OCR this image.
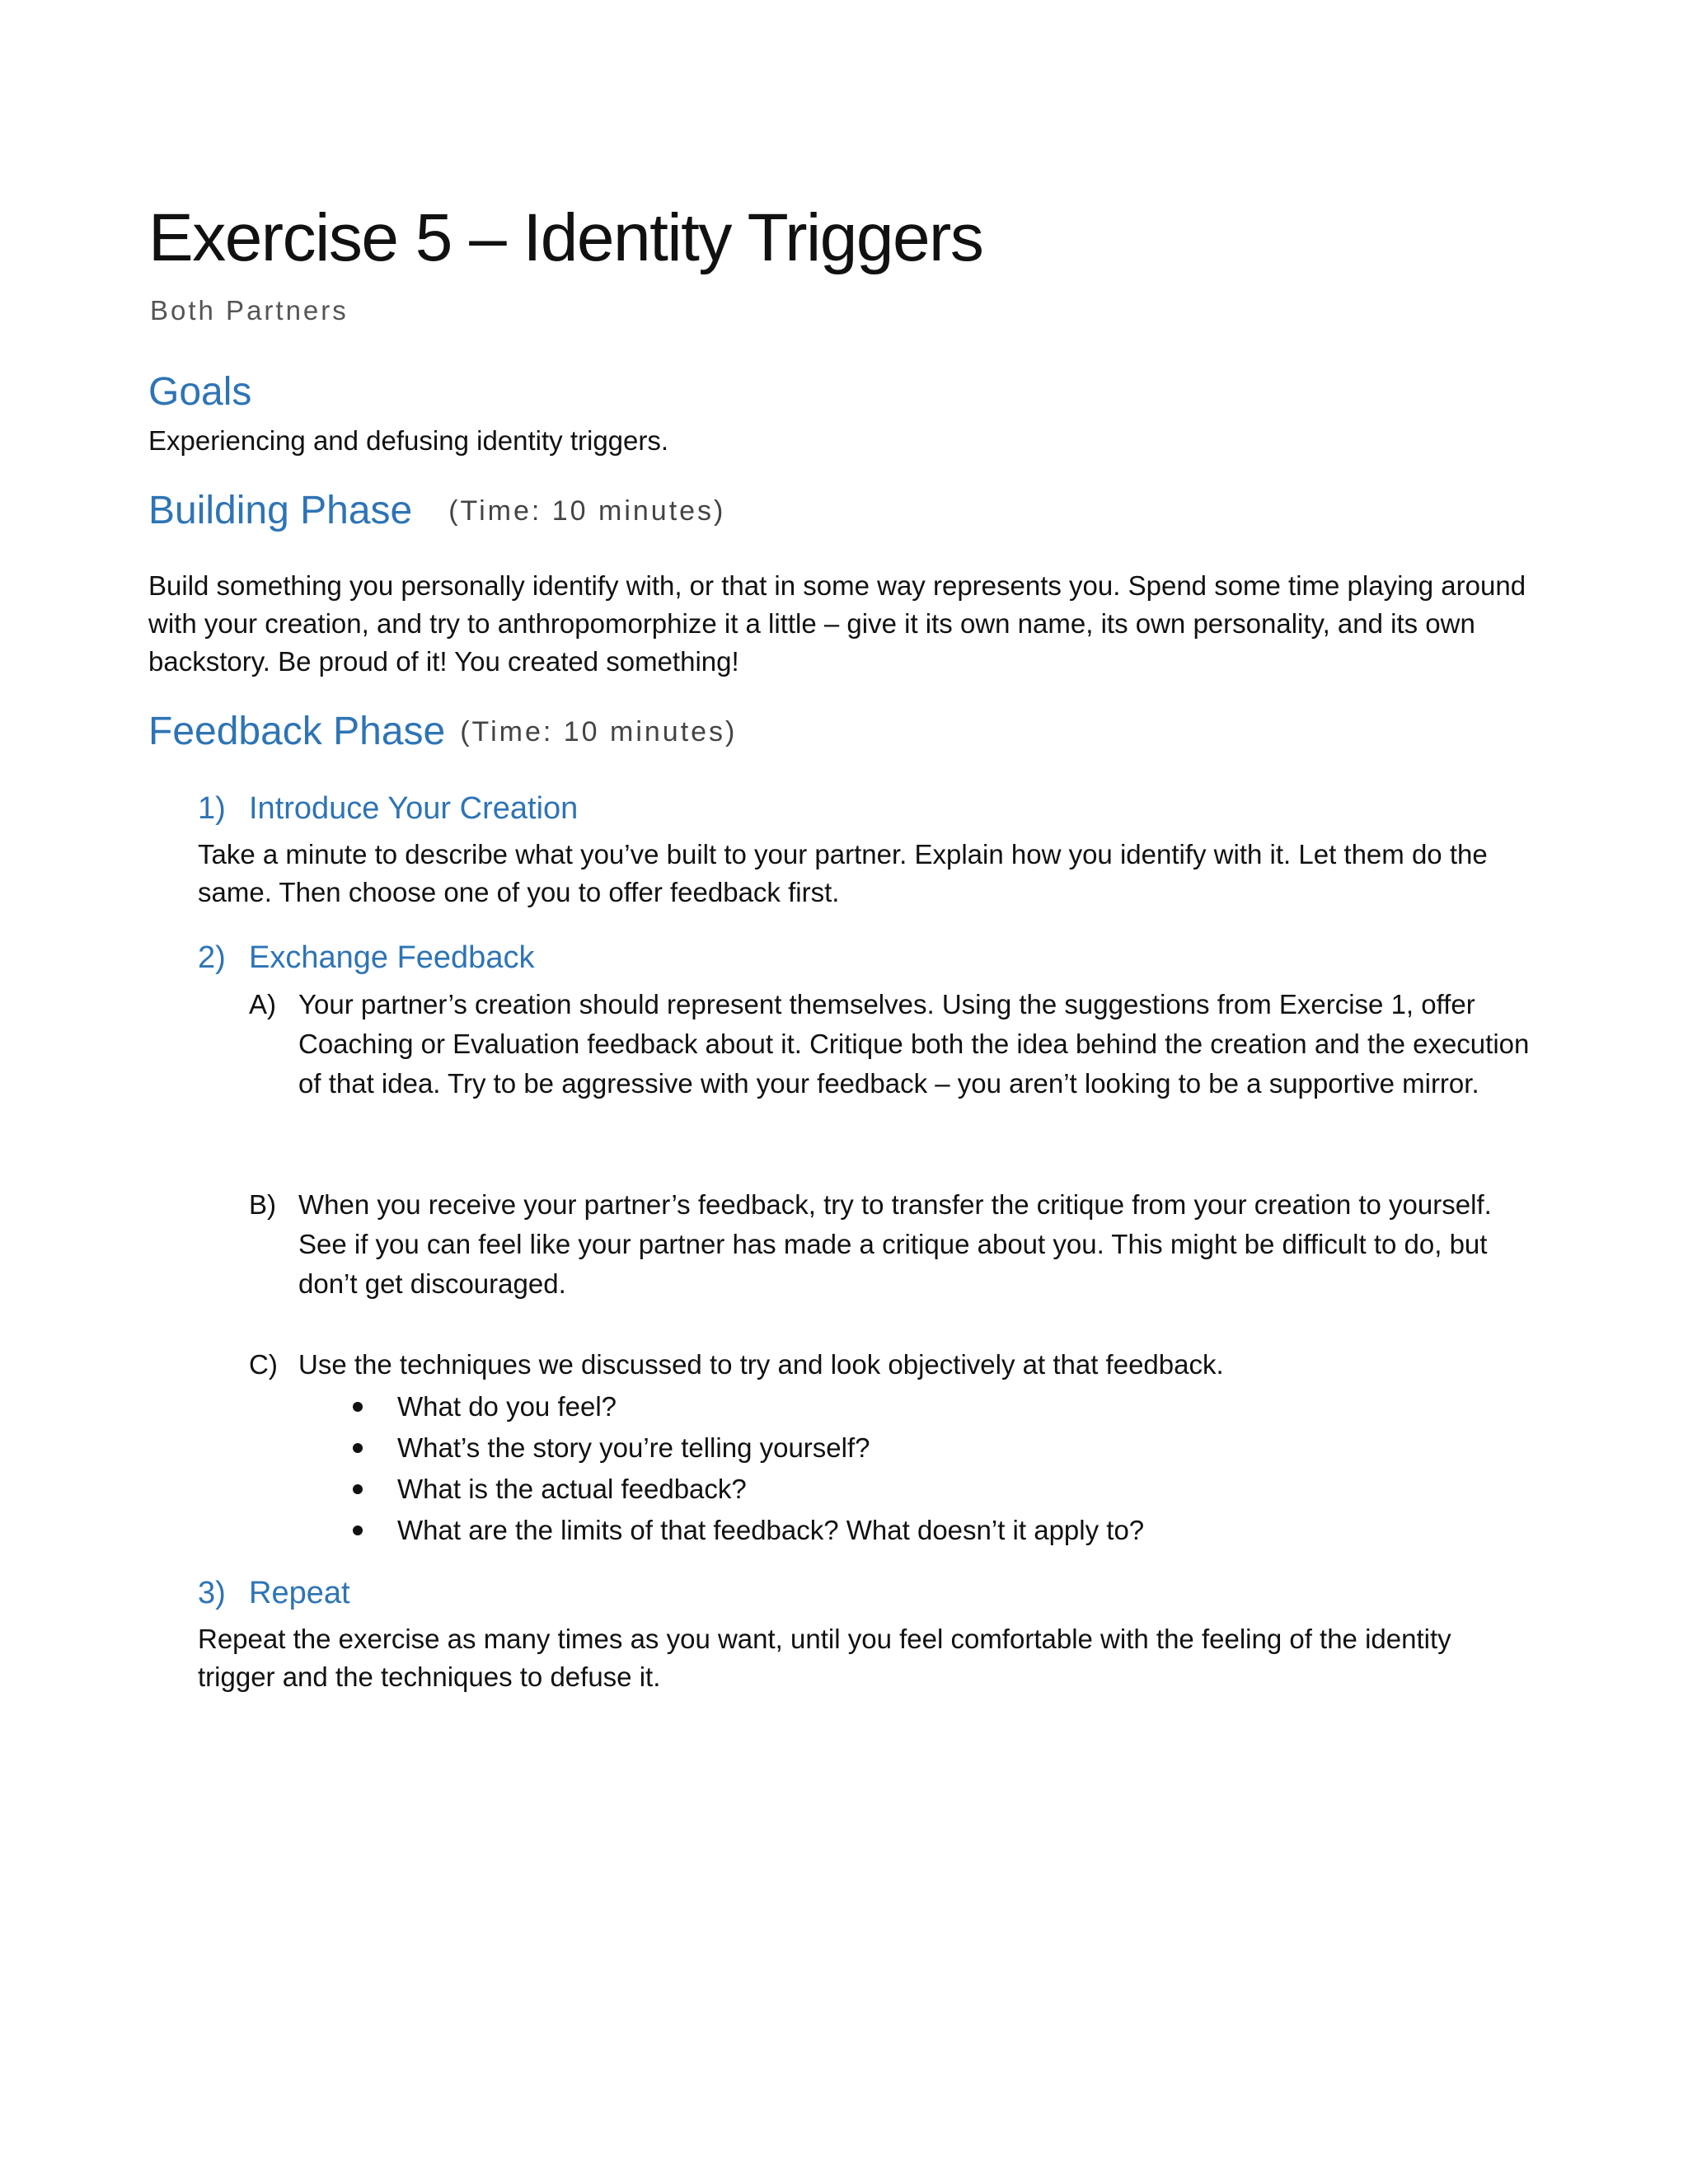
Exercise 5 – Identity Triggers
Both Partners
Goals

Experiencing and defusing identity triggers.

Building Phase (Time: 10 minutes)

Build something you personally identify with, or that in some way represents you. Spend some time playing around with your creation, and try to anthropomorphize it a little – give it its own name, its own personality, and its own backstory. Be proud of it! You created something!

Feedback Phase (Time: 10 minutes)
1) Introduce Your Creation

Take a minute to describe what you’ve built to your partner. Explain how you identify with it. Let them do the same. Then choose one of you to offer feedback first.

2) Exchange Feedback
A) Your partner’s creation should represent themselves. Using the suggestions from Exercise 1, offer Coaching or Evaluation feedback about it. Critique both the idea behind the creation and the execution of that idea. Try to be aggressive with your feedback – you aren’t looking to be a supportive mirror.

B) When you receive your partner’s feedback, try to transfer the critique from your creation to yourself. See if you can feel like your partner has made a critique about you. This might be difficult to do, but don’t get discouraged.

C) Use the techniques we discussed to try and look objectively at that feedback.

What do you feel?
What’s the story you’re telling yourself?
What is the actual feedback?
What are the limits of that feedback? What doesn’t it apply to?
3) Repeat

Repeat the exercise as many times as you want, until you feel comfortable with the feeling of the identity trigger and the techniques to defuse it.
